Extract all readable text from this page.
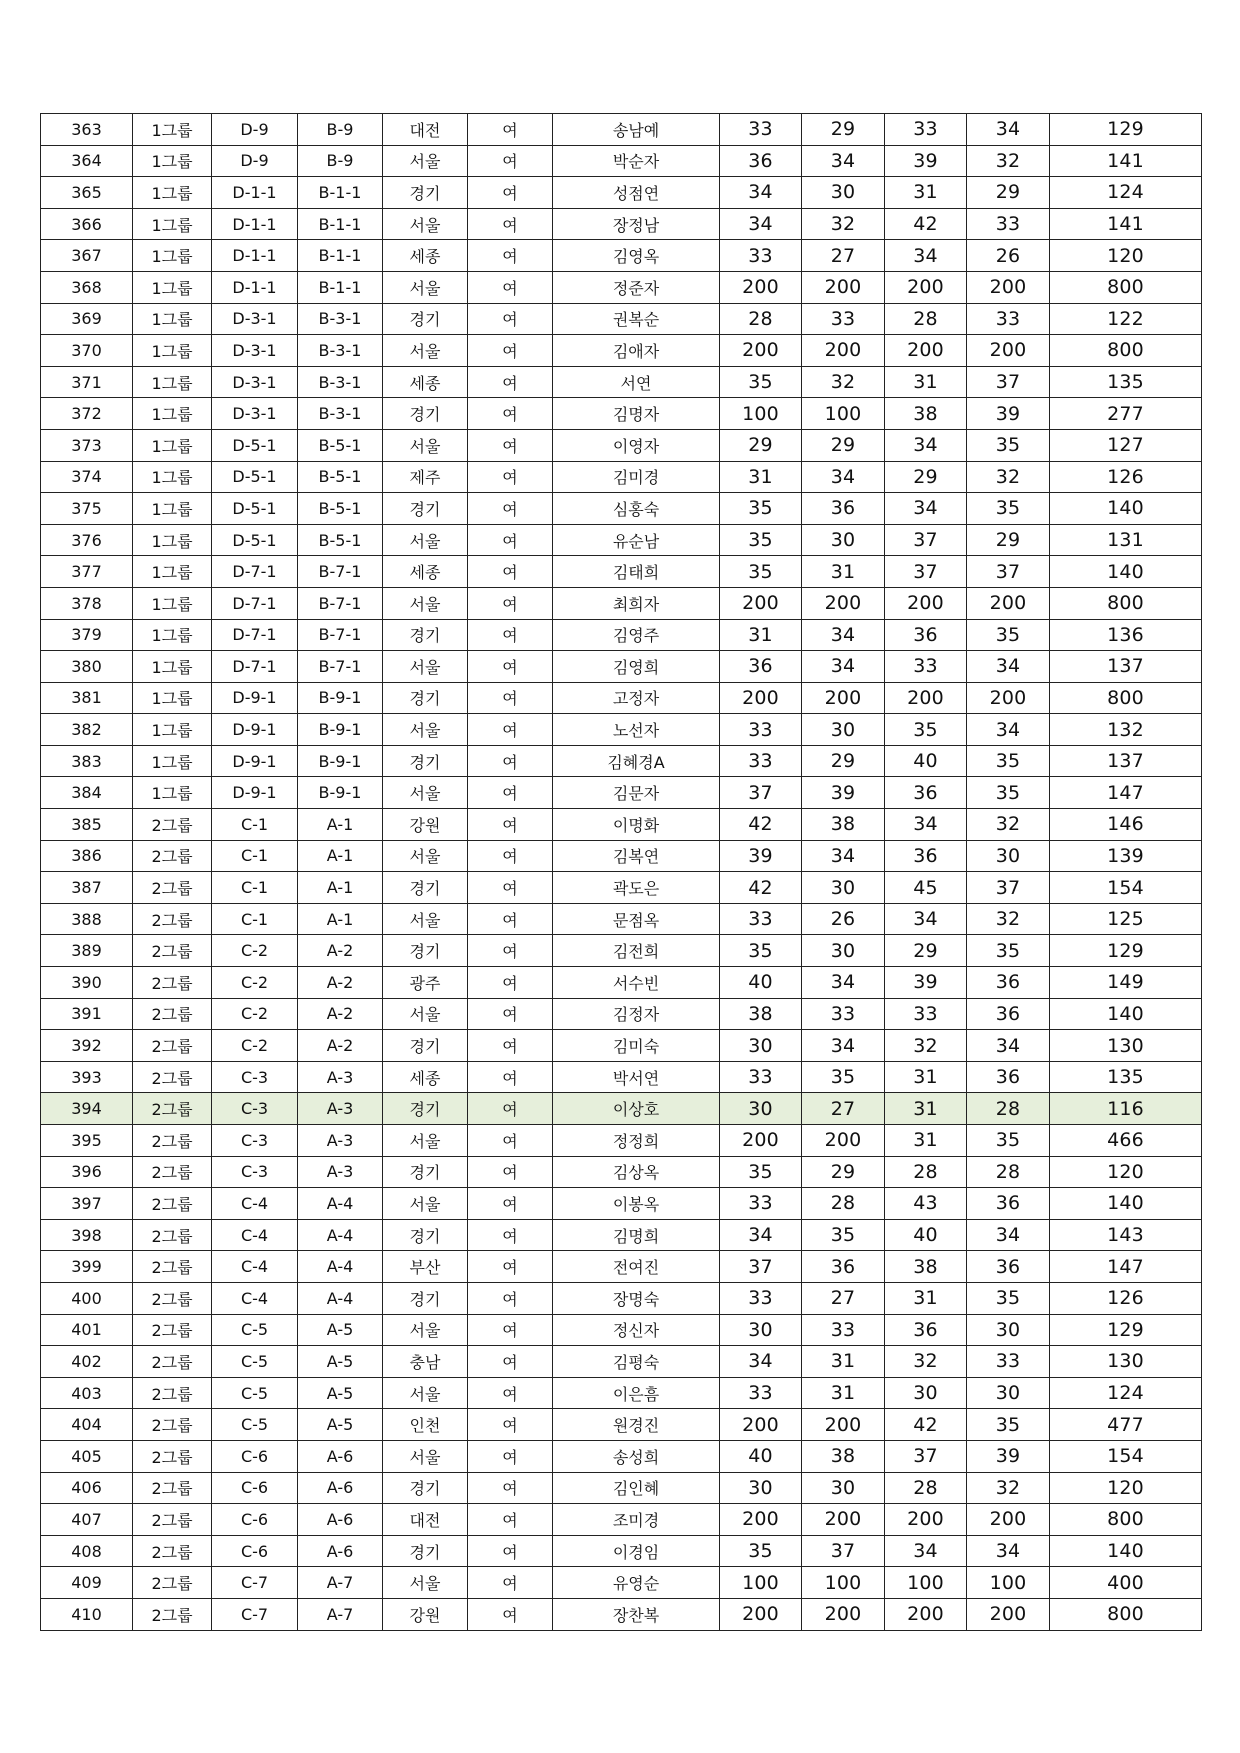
363	1그룹	D-9	B-9	대전	여	송남예	33	29	33	34	129
364	1그룹	D-9	B-9	서울	여	박순자	36	34	39	32	141
365	1그룹	D-1-1	B-1-1	경기	여	성점연	34	30	31	29	124
366	1그룹	D-1-1	B-1-1	서울	여	장정남	34	32	42	33	141
367	1그룹	D-1-1	B-1-1	세종	여	김영옥	33	27	34	26	120
368	1그룹	D-1-1	B-1-1	서울	여	정준자	200	200	200	200	800
369	1그룹	D-3-1	B-3-1	경기	여	권복순	28	33	28	33	122
370	1그룹	D-3-1	B-3-1	서울	여	김애자	200	200	200	200	800
371	1그룹	D-3-1	B-3-1	세종	여	서연	35	32	31	37	135
372	1그룹	D-3-1	B-3-1	경기	여	김명자	100	100	38	39	277
373	1그룹	D-5-1	B-5-1	서울	여	이영자	29	29	34	35	127
374	1그룹	D-5-1	B-5-1	제주	여	김미경	31	34	29	32	126
375	1그룹	D-5-1	B-5-1	경기	여	심홍숙	35	36	34	35	140
376	1그룹	D-5-1	B-5-1	서울	여	유순남	35	30	37	29	131
377	1그룹	D-7-1	B-7-1	세종	여	김태희	35	31	37	37	140
378	1그룹	D-7-1	B-7-1	서울	여	최희자	200	200	200	200	800
379	1그룹	D-7-1	B-7-1	경기	여	김영주	31	34	36	35	136
380	1그룹	D-7-1	B-7-1	서울	여	김영희	36	34	33	34	137
381	1그룹	D-9-1	B-9-1	경기	여	고정자	200	200	200	200	800
382	1그룹	D-9-1	B-9-1	서울	여	노선자	33	30	35	34	132
383	1그룹	D-9-1	B-9-1	경기	여	김혜경A	33	29	40	35	137
384	1그룹	D-9-1	B-9-1	서울	여	김문자	37	39	36	35	147
385	2그룹	C-1	A-1	강원	여	이명화	42	38	34	32	146
386	2그룹	C-1	A-1	서울	여	김복연	39	34	36	30	139
387	2그룹	C-1	A-1	경기	여	곽도은	42	30	45	37	154
388	2그룹	C-1	A-1	서울	여	문점옥	33	26	34	32	125
389	2그룹	C-2	A-2	경기	여	김전희	35	30	29	35	129
390	2그룹	C-2	A-2	광주	여	서수빈	40	34	39	36	149
391	2그룹	C-2	A-2	서울	여	김정자	38	33	33	36	140
392	2그룹	C-2	A-2	경기	여	김미숙	30	34	32	34	130
393	2그룹	C-3	A-3	세종	여	박서연	33	35	31	36	135
394	2그룹	C-3	A-3	경기	여	이상호	30	27	31	28	116
395	2그룹	C-3	A-3	서울	여	정정희	200	200	31	35	466
396	2그룹	C-3	A-3	경기	여	김상옥	35	29	28	28	120
397	2그룹	C-4	A-4	서울	여	이봉옥	33	28	43	36	140
398	2그룹	C-4	A-4	경기	여	김명희	34	35	40	34	143
399	2그룹	C-4	A-4	부산	여	전여진	37	36	38	36	147
400	2그룹	C-4	A-4	경기	여	장명숙	33	27	31	35	126
401	2그룹	C-5	A-5	서울	여	정신자	30	33	36	30	129
402	2그룹	C-5	A-5	충남	여	김평숙	34	31	32	33	130
403	2그룹	C-5	A-5	서울	여	이은흠	33	31	30	30	124
404	2그룹	C-5	A-5	인천	여	원경진	200	200	42	35	477
405	2그룹	C-6	A-6	서울	여	송성희	40	38	37	39	154
406	2그룹	C-6	A-6	경기	여	김인혜	30	30	28	32	120
407	2그룹	C-6	A-6	대전	여	조미경	200	200	200	200	800
408	2그룹	C-6	A-6	경기	여	이경임	35	37	34	34	140
409	2그룹	C-7	A-7	서울	여	유영순	100	100	100	100	400
410	2그룹	C-7	A-7	강원	여	장찬복	200	200	200	200	800
